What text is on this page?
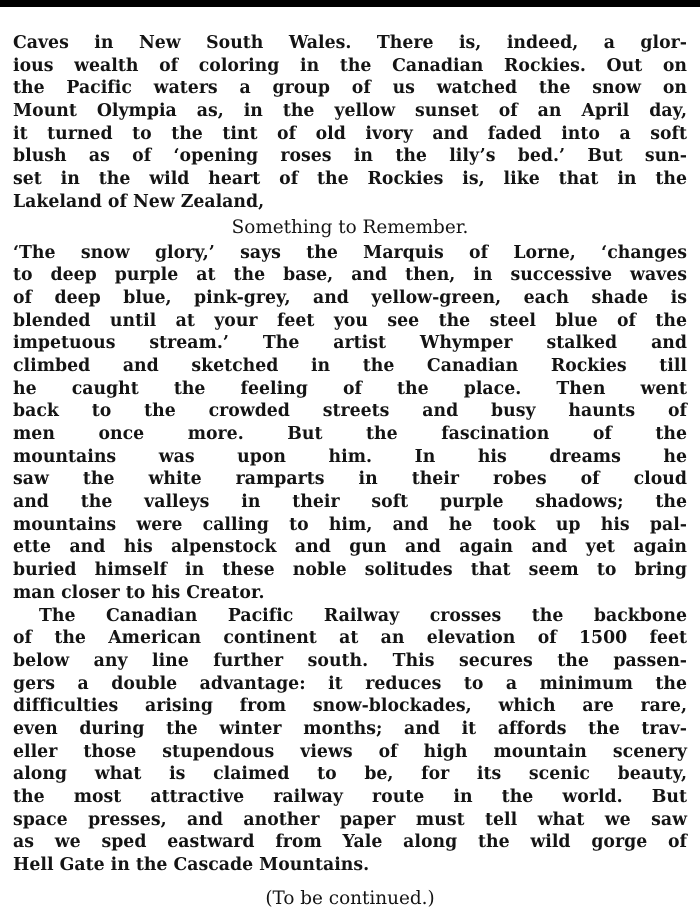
Caves in New South Wales. There is, indeed, a glor-
ious wealth of coloring in the Canadian Rockies. Out on
the Pacific waters a group of us watched the snow on
Mount Olympia as, in the yellow sunset of an April day,
it turned to the tint of old ivory and faded into a soft
blush as of ‘opening roses in the lily’s bed.’ But sun-
set in the wild heart of the Rockies is, like that in the
Lakeland of New Zealand,
Something to Remember.
‘The snow glory,’ says the Marquis of Lorne, ‘changes
to deep purple at the base, and then, in successive waves
of deep blue, pink-grey, and yellow-green, each shade is
blended until at your feet you see the steel blue of the
impetuous stream.’ The artist Whymper stalked and
climbed and sketched in the Canadian Rockies till
he caught the feeling of the place. Then went
back to the crowded streets and busy haunts of
men once more. But the fascination of the
mountains was upon him. In his dreams he
saw the white ramparts in their robes of cloud
and the valleys in their soft purple shadows; the
mountains were calling to him, and he took up his pal-
ette and his alpenstock and gun and again and yet again
buried himself in these noble solitudes that seem to bring
man closer to his Creator.
The Canadian Pacific Railway crosses the backbone
of the American continent at an elevation of 1500 feet
below any line further south. This secures the passen-
gers a double advantage: it reduces to a minimum the
difficulties arising from snow-blockades, which are rare,
even during the winter months; and it affords the trav-
eller those stupendous views of high mountain scenery
along what is claimed to be, for its scenic beauty,
the most attractive railway route in the world. But
space presses, and another paper must tell what we saw
as we sped eastward from Yale along the wild gorge of
Hell Gate in the Cascade Mountains.
(To be continued.)
